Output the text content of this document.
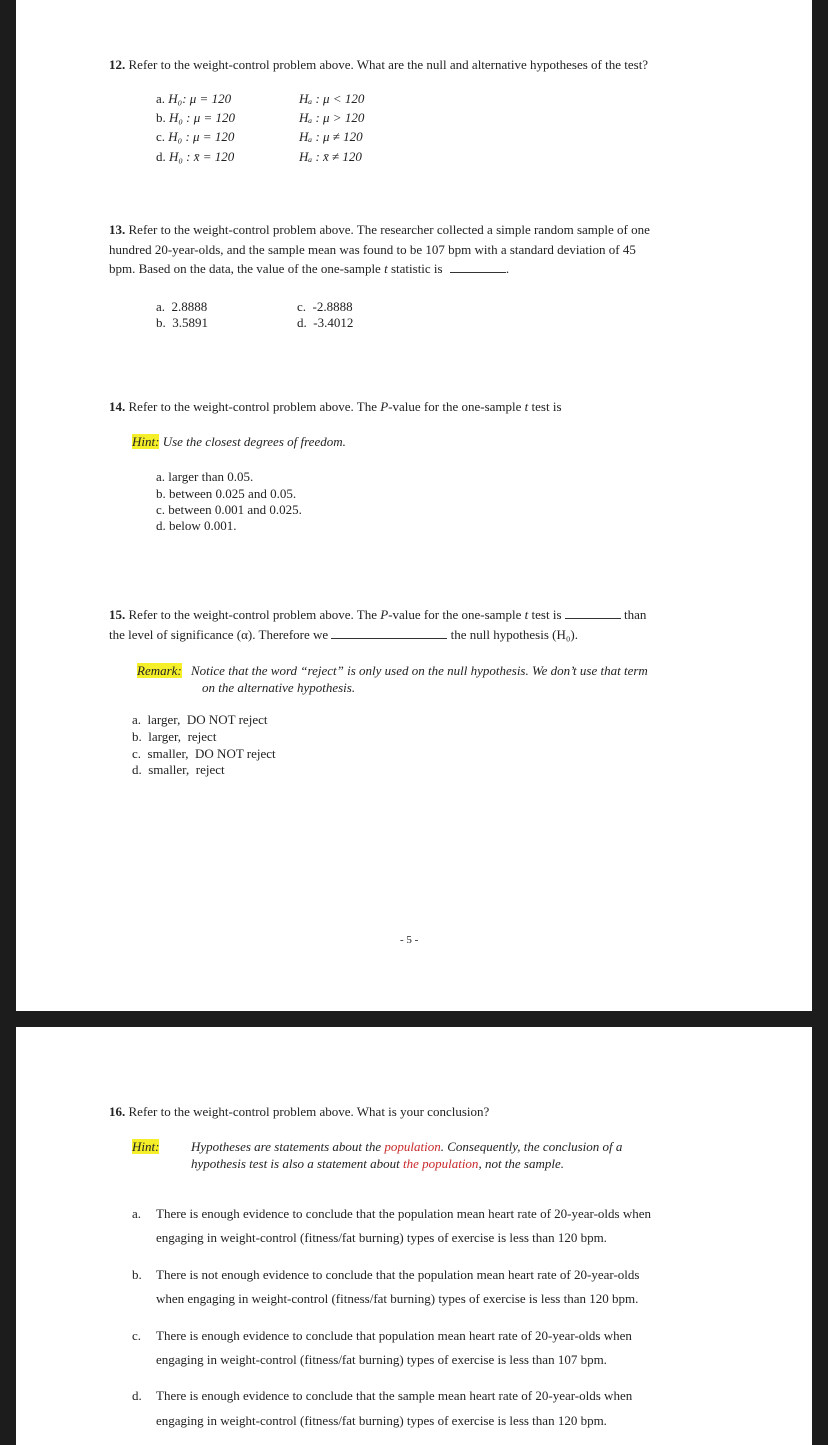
12. Refer to the weight-control problem above. What are the null and alternative hypotheses of the test?
a. H₀: μ = 120	Hₐ : μ < 120
b. H₀ : μ = 120	Hₐ : μ > 120
c. H₀ : μ = 120	Hₐ : μ ≠ 120
d. H₀ : x̄ = 120	Hₐ : x̄ ≠ 120
13. Refer to the weight-control problem above. The researcher collected a simple random sample of one
hundred 20-year-olds, and the sample mean was found to be 107 bpm with a standard deviation of 45
bpm. Based on the data, the value of the one-sample t statistic is	.
a. 2.8888
b. 3.5891
c. -2.8888
d. -3.4012
14. Refer to the weight-control problem above. The P-value for the one-sample t test is
Hint: Use the closest degrees of freedom.
a. larger than 0.05.
b. between 0.025 and 0.05.
c. between 0.001 and 0.025.
d. below 0.001.
15. Refer to the weight-control problem above. The P-value for the one-sample t test is	than
the level of significance (α). Therefore we	the null hypothesis (H₀).
Remark: Notice that the word “reject” is only used on the null hypothesis. We don’t use that term
on the alternative hypothesis.
a. larger, DO NOT reject
b. larger, reject
c. smaller, DO NOT reject
d. smaller, reject
- 5 -
16. Refer to the weight-control problem above. What is your conclusion?
Hint: Hypotheses are statements about the population. Consequently, the conclusion of a
hypothesis test is also a statement about the population, not the sample.
a. There is enough evidence to conclude that the population mean heart rate of 20-year-olds when
engaging in weight-control (fitness/fat burning) types of exercise is less than 120 bpm.
b. There is not enough evidence to conclude that the population mean heart rate of 20-year-olds
when engaging in weight-control (fitness/fat burning) types of exercise is less than 120 bpm.
c. There is enough evidence to conclude that population mean heart rate of 20-year-olds when
engaging in weight-control (fitness/fat burning) types of exercise is less than 107 bpm.
d. There is enough evidence to conclude that the sample mean heart rate of 20-year-olds when
engaging in weight-control (fitness/fat burning) types of exercise is less than 120 bpm.
